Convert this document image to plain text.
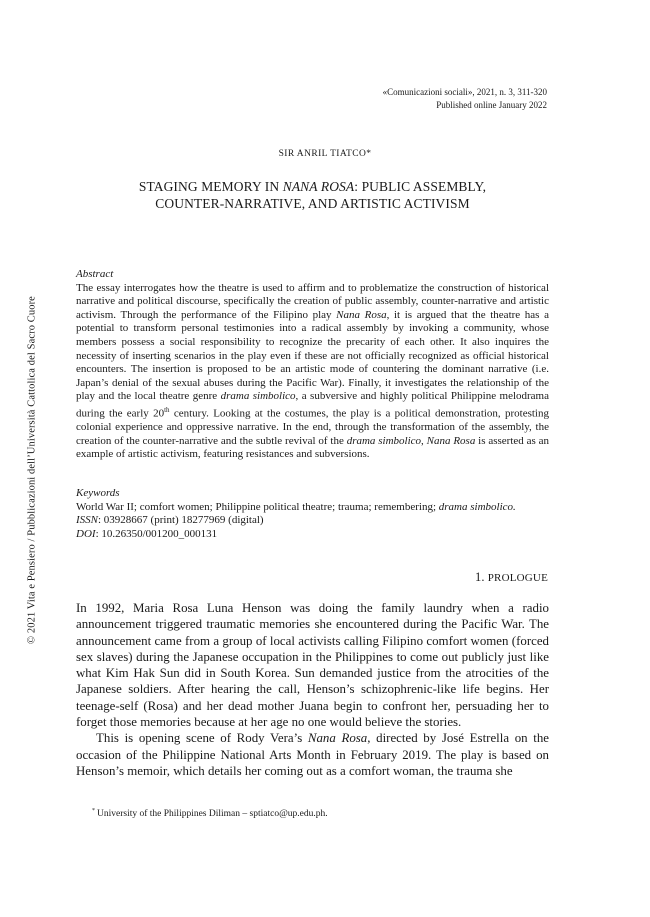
«Comunicazioni sociali», 2021, n. 3, 311-320
Published online January 2022
SIR ANRIL TIATCO*
STAGING MEMORY IN NANA ROSA: PUBLIC ASSEMBLY,
COUNTER-NARRATIVE, AND ARTISTIC ACTIVISM
Abstract

The essay interrogates how the theatre is used to affirm and to problematize the construction of historical narrative and political discourse, specifically the creation of public assembly, counter-narrative and artistic activism. Through the performance of the Filipino play Nana Rosa, it is argued that the theatre has a potential to transform personal testimonies into a radical assembly by invoking a community, whose members possess a social responsibility to recognize the precarity of each other. It also inquires the necessity of inserting scenarios in the play even if these are not officially recognized as official historical encounters. The insertion is proposed to be an artistic mode of countering the dominant narrative (i.e. Japan’s denial of the sexual abuses during the Pacific War). Finally, it investigates the relationship of the play and the local theatre genre drama simbolico, a subversive and highly political Philippine melodrama during the early 20th century. Looking at the costumes, the play is a political demonstration, protesting colonial experience and oppressive narrative. In the end, through the transformation of the assembly, the creation of the counter-narrative and the subtle revival of the drama simbolico, Nana Rosa is asserted as an example of artistic activism, featuring resistances and subversions.

Keywords
World War II; comfort women; Philippine political theatre; trauma; remembering; drama simbolico.
ISSN: 03928667 (print) 18277969 (digital)
DOI: 10.26350/001200_000131
1. PROLOGUE

In 1992, Maria Rosa Luna Henson was doing the family laundry when a radio announcement triggered traumatic memories she encountered during the Pacific War. The announcement came from a group of local activists calling Filipino comfort women (forced sex slaves) during the Japanese occupation in the Philippines to come out publicly just like what Kim Hak Sun did in South Korea. Sun demanded justice from the atrocities of the Japanese soldiers. After hearing the call, Henson’s schizophrenic-like life begins. Her teenage-self (Rosa) and her dead mother Juana begin to confront her, persuading her to forget those memories because at her age no one would believe the stories.

This is opening scene of Rody Vera’s Nana Rosa, directed by José Estrella on the occasion of the Philippine National Arts Month in February 2019. The play is based on Henson’s memoir, which details her coming out as a comfort woman, the trauma she

* University of the Philippines Diliman – sptiatco@up.edu.ph.
© 2021 Vita e Pensiero / Pubblicazioni dell’Università Cattolica del Sacro Cuore
